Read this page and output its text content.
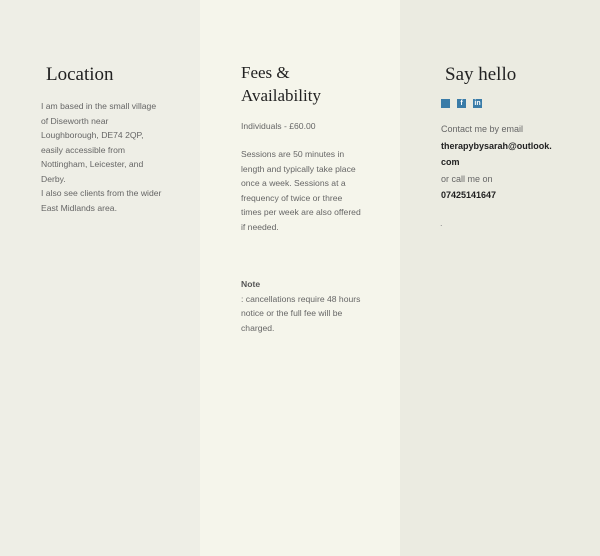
Location
I am based in the small village
of Diseworth near
Loughborough, DE74 2QP,
easily accessible from
Nottingham, Leicester, and
Derby.
I also see clients from the wider
East Midlands area.
Fees &
Availability
Individuals - £60.00
Sessions are 50 minutes in
length and typically take place
once a week. Sessions at a
frequency of twice or three
times per week are also offered
if needed.
Note
: cancellations require 48 hours
notice or the full fee will be
charged.
Say hello
Contact me by email
therapybysarah@outlook.
com
or call me on
07425141647
.
f	in
